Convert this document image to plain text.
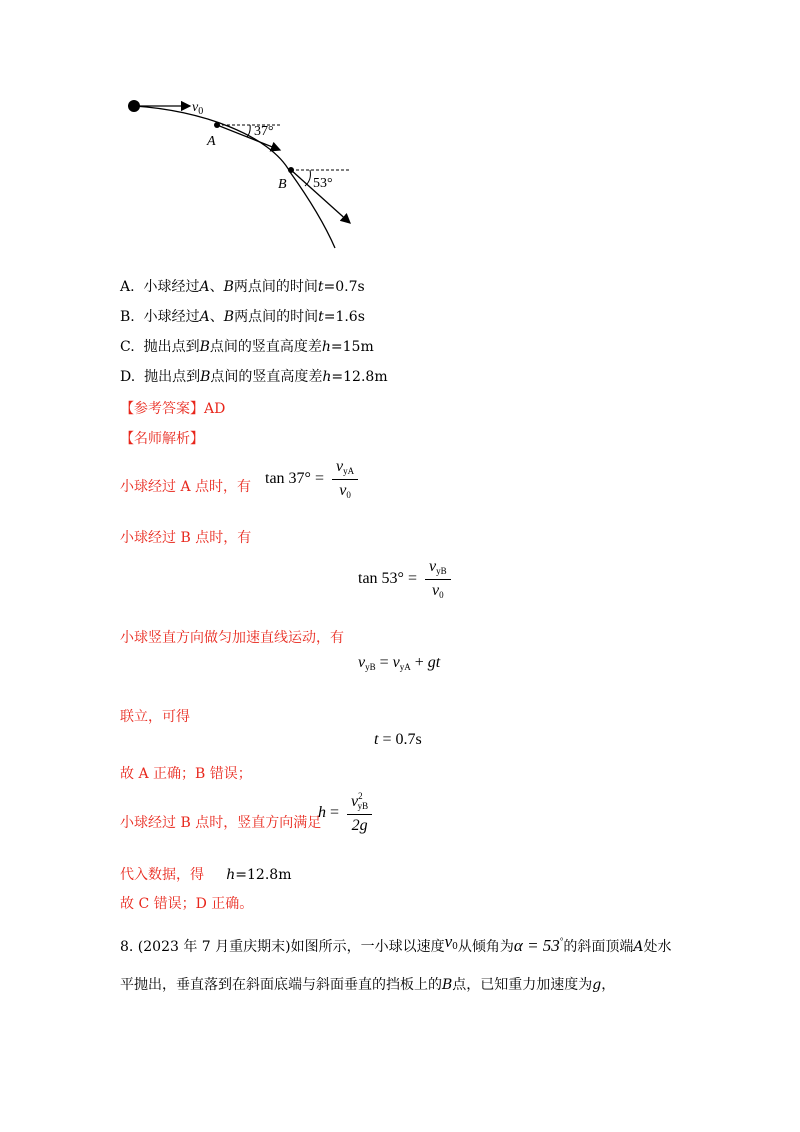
$v_0$
A
37°
B 53°
A. 小球经过A、B两点间的时间t=0.7s
B. 小球经过A、B两点间的时间t=1.6s
C. 抛出点到B点间的竖直高度差h=15m
D. 抛出点到B点间的竖直高度差h=12.8m
【参考答案】AD
【名师解析】
小球经过 A 点时，有 $\tan 37^\circ = \frac{v_{yA}}{v_0}$
小球经过 B 点时，有
$\tan 53^\circ = \frac{v_{yB}}{v_0}$
小球竖直方向做匀加速直线运动，有
$v_{yB} = v_{yA}$ + gt
联立，可得
t = 0.7s
故 A 正确；B 错误；
小球经过 B 点时，竖直方向满足
$h = \frac{v^2_{yB}}{2g}$
代入数据，得 h=12.8m
故 C 错误；D 正确。
8. (2023 年 7 月重庆期末)如图所示，一小球以速度$v^0$从倾角为α = 53°的斜面顶端A处水
平抛出，垂直落到在斜面底端与斜面垂直的挡板上的B点，已知重力加速度为g，
